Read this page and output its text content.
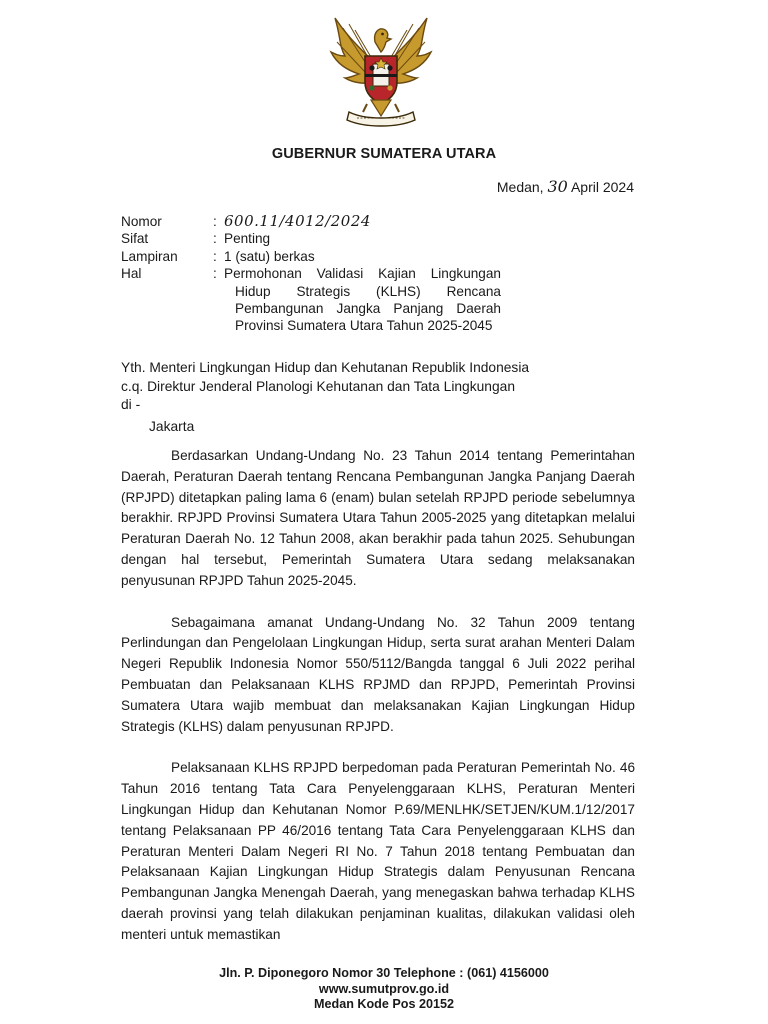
GUBERNUR SUMATERA UTARA
Medan, 30 April 2024
Nomor	: 600.11/4012/2024
Sifat	: Penting
Lampiran	: 1 (satu) berkas
Hal	: Permohonan Validasi Kajian Lingkungan
Hidup Strategis (KLHS) Rencana
Pembangunan Jangka Panjang Daerah
Provinsi Sumatera Utara Tahun 2025-2045
Yth. Menteri Lingkungan Hidup dan Kehutanan Republik Indonesia
c.q. Direktur Jenderal Planologi Kehutanan dan Tata Lingkungan
di -
Jakarta

Berdasarkan Undang-Undang No. 23 Tahun 2014 tentang Pemerintahan Daerah, Peraturan Daerah tentang Rencana Pembangunan Jangka Panjang Daerah (RPJPD) ditetapkan paling lama 6 (enam) bulan setelah RPJPD periode sebelumnya berakhir. RPJPD Provinsi Sumatera Utara Tahun 2005-2025 yang ditetapkan melalui Peraturan Daerah No. 12 Tahun 2008, akan berakhir pada tahun 2025. Sehubungan dengan hal tersebut, Pemerintah Sumatera Utara sedang melaksanakan penyusunan RPJPD Tahun 2025-2045.

Sebagaimana amanat Undang-Undang No. 32 Tahun 2009 tentang Perlindungan dan Pengelolaan Lingkungan Hidup, serta surat arahan Menteri Dalam Negeri Republik Indonesia Nomor 550/5112/Bangda tanggal 6 Juli 2022 perihal Pembuatan dan Pelaksanaan KLHS RPJMD dan RPJPD, Pemerintah Provinsi Sumatera Utara wajib membuat dan melaksanakan Kajian Lingkungan Hidup Strategis (KLHS) dalam penyusunan RPJPD.

Pelaksanaan KLHS RPJPD berpedoman pada Peraturan Pemerintah No. 46 Tahun 2016 tentang Tata Cara Penyelenggaraan KLHS, Peraturan Menteri Lingkungan Hidup dan Kehutanan Nomor P.69/MENLHK/SETJEN/KUM.1/12/2017 tentang Pelaksanaan PP 46/2016 tentang Tata Cara Penyelenggaraan KLHS dan Peraturan Menteri Dalam Negeri RI No. 7 Tahun 2018 tentang Pembuatan dan Pelaksanaan Kajian Lingkungan Hidup Strategis dalam Penyusunan Rencana Pembangunan Jangka Menengah Daerah, yang menegaskan bahwa terhadap KLHS daerah provinsi yang telah dilakukan penjaminan kualitas, dilakukan validasi oleh menteri untuk memastikan

Jln. P. Diponegoro Nomor 30 Telephone : (061) 4156000
www.sumutprov.go.id
Medan Kode Pos 20152
